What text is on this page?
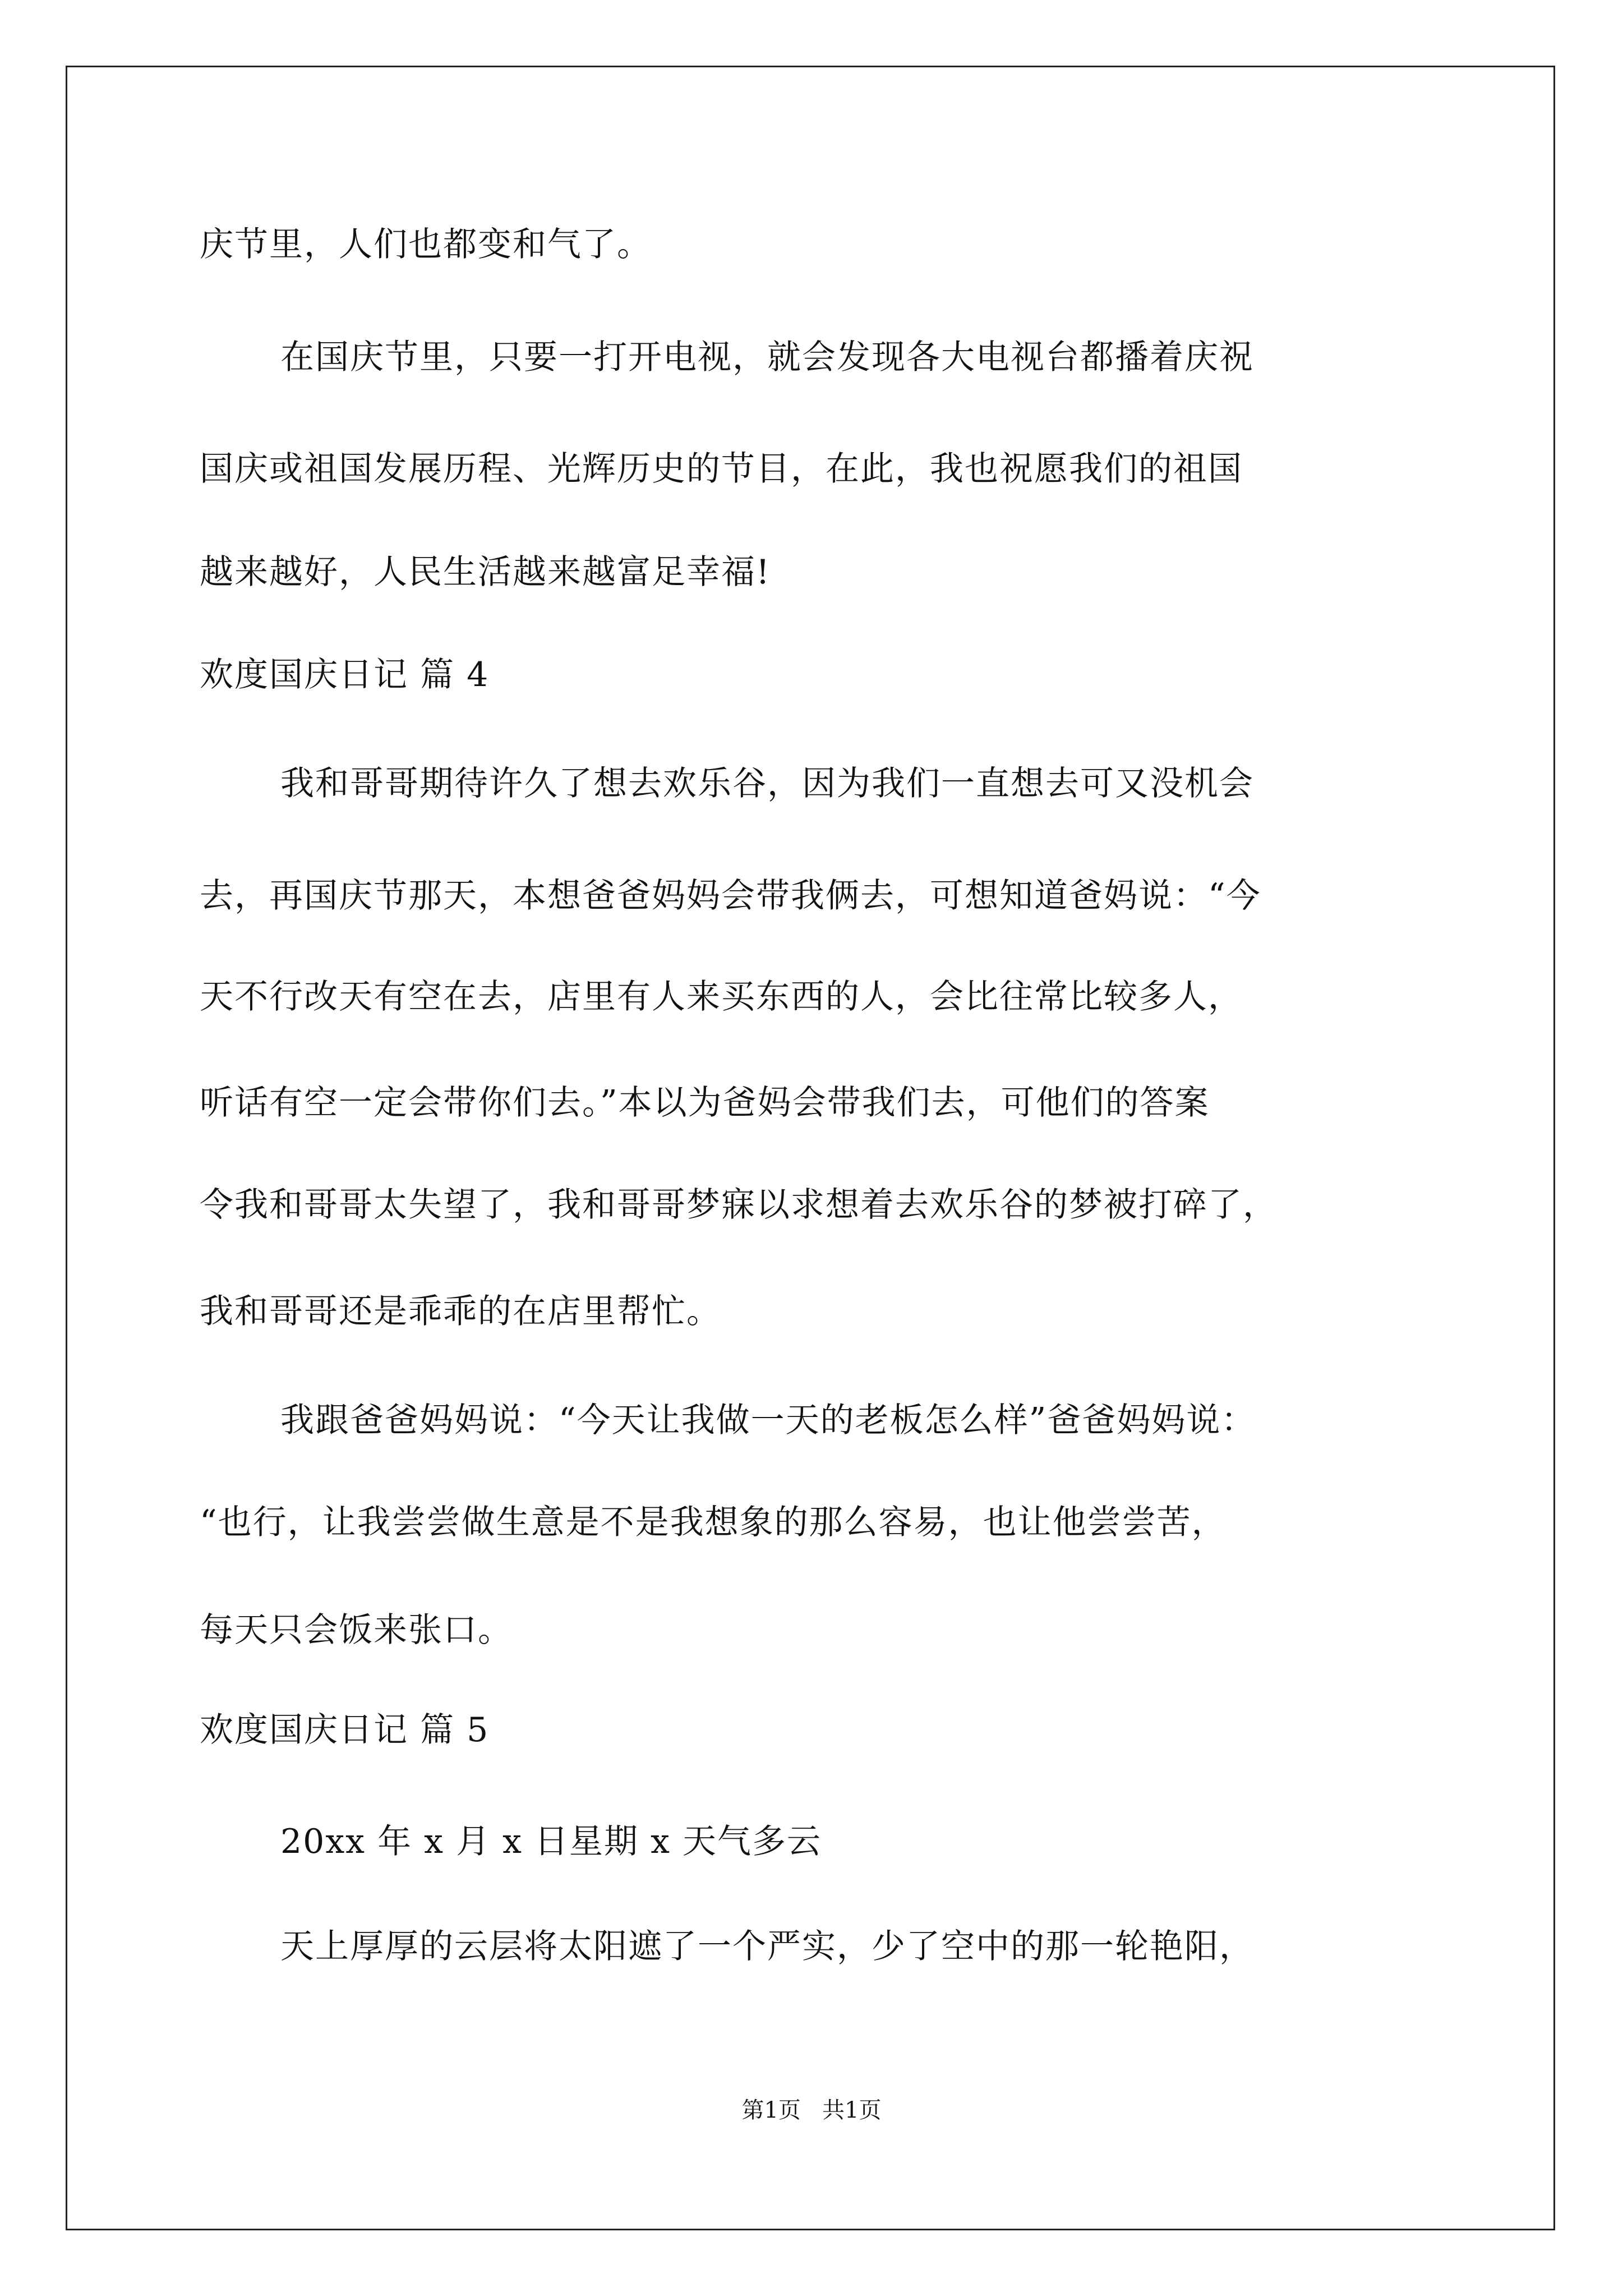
庆节里，人们也都变和气了。
在国庆节里，只要一打开电视，就会发现各大电视台都播着庆祝
国庆或祖国发展历程、光辉历史的节目，在此，我也祝愿我们的祖国
越来越好，人民生活越来越富足幸福!
欢度国庆日记 篇 4
我和哥哥期待许久了想去欢乐谷，因为我们一直想去可又没机会
去，再国庆节那天，本想爸爸妈妈会带我俩去，可想知道爸妈说：“今
天不行改天有空在去，店里有人来买东西的人，会比往常比较多人，
听话有空一定会带你们去。”本以为爸妈会带我们去，可他们的答案
令我和哥哥太失望了，我和哥哥梦寐以求想着去欢乐谷的梦被打碎了，
我和哥哥还是乖乖的在店里帮忙。
我跟爸爸妈妈说：“今天让我做一天的老板怎么样”爸爸妈妈说：
“也行，让我尝尝做生意是不是我想象的那么容易，也让他尝尝苦，
每天只会饭来张口。
欢度国庆日记 篇 5
20xx 年 x 月 x 日星期 x 天气多云
天上厚厚的云层将太阳遮了一个严实，少了空中的那一轮艳阳，
第1页   共1页
